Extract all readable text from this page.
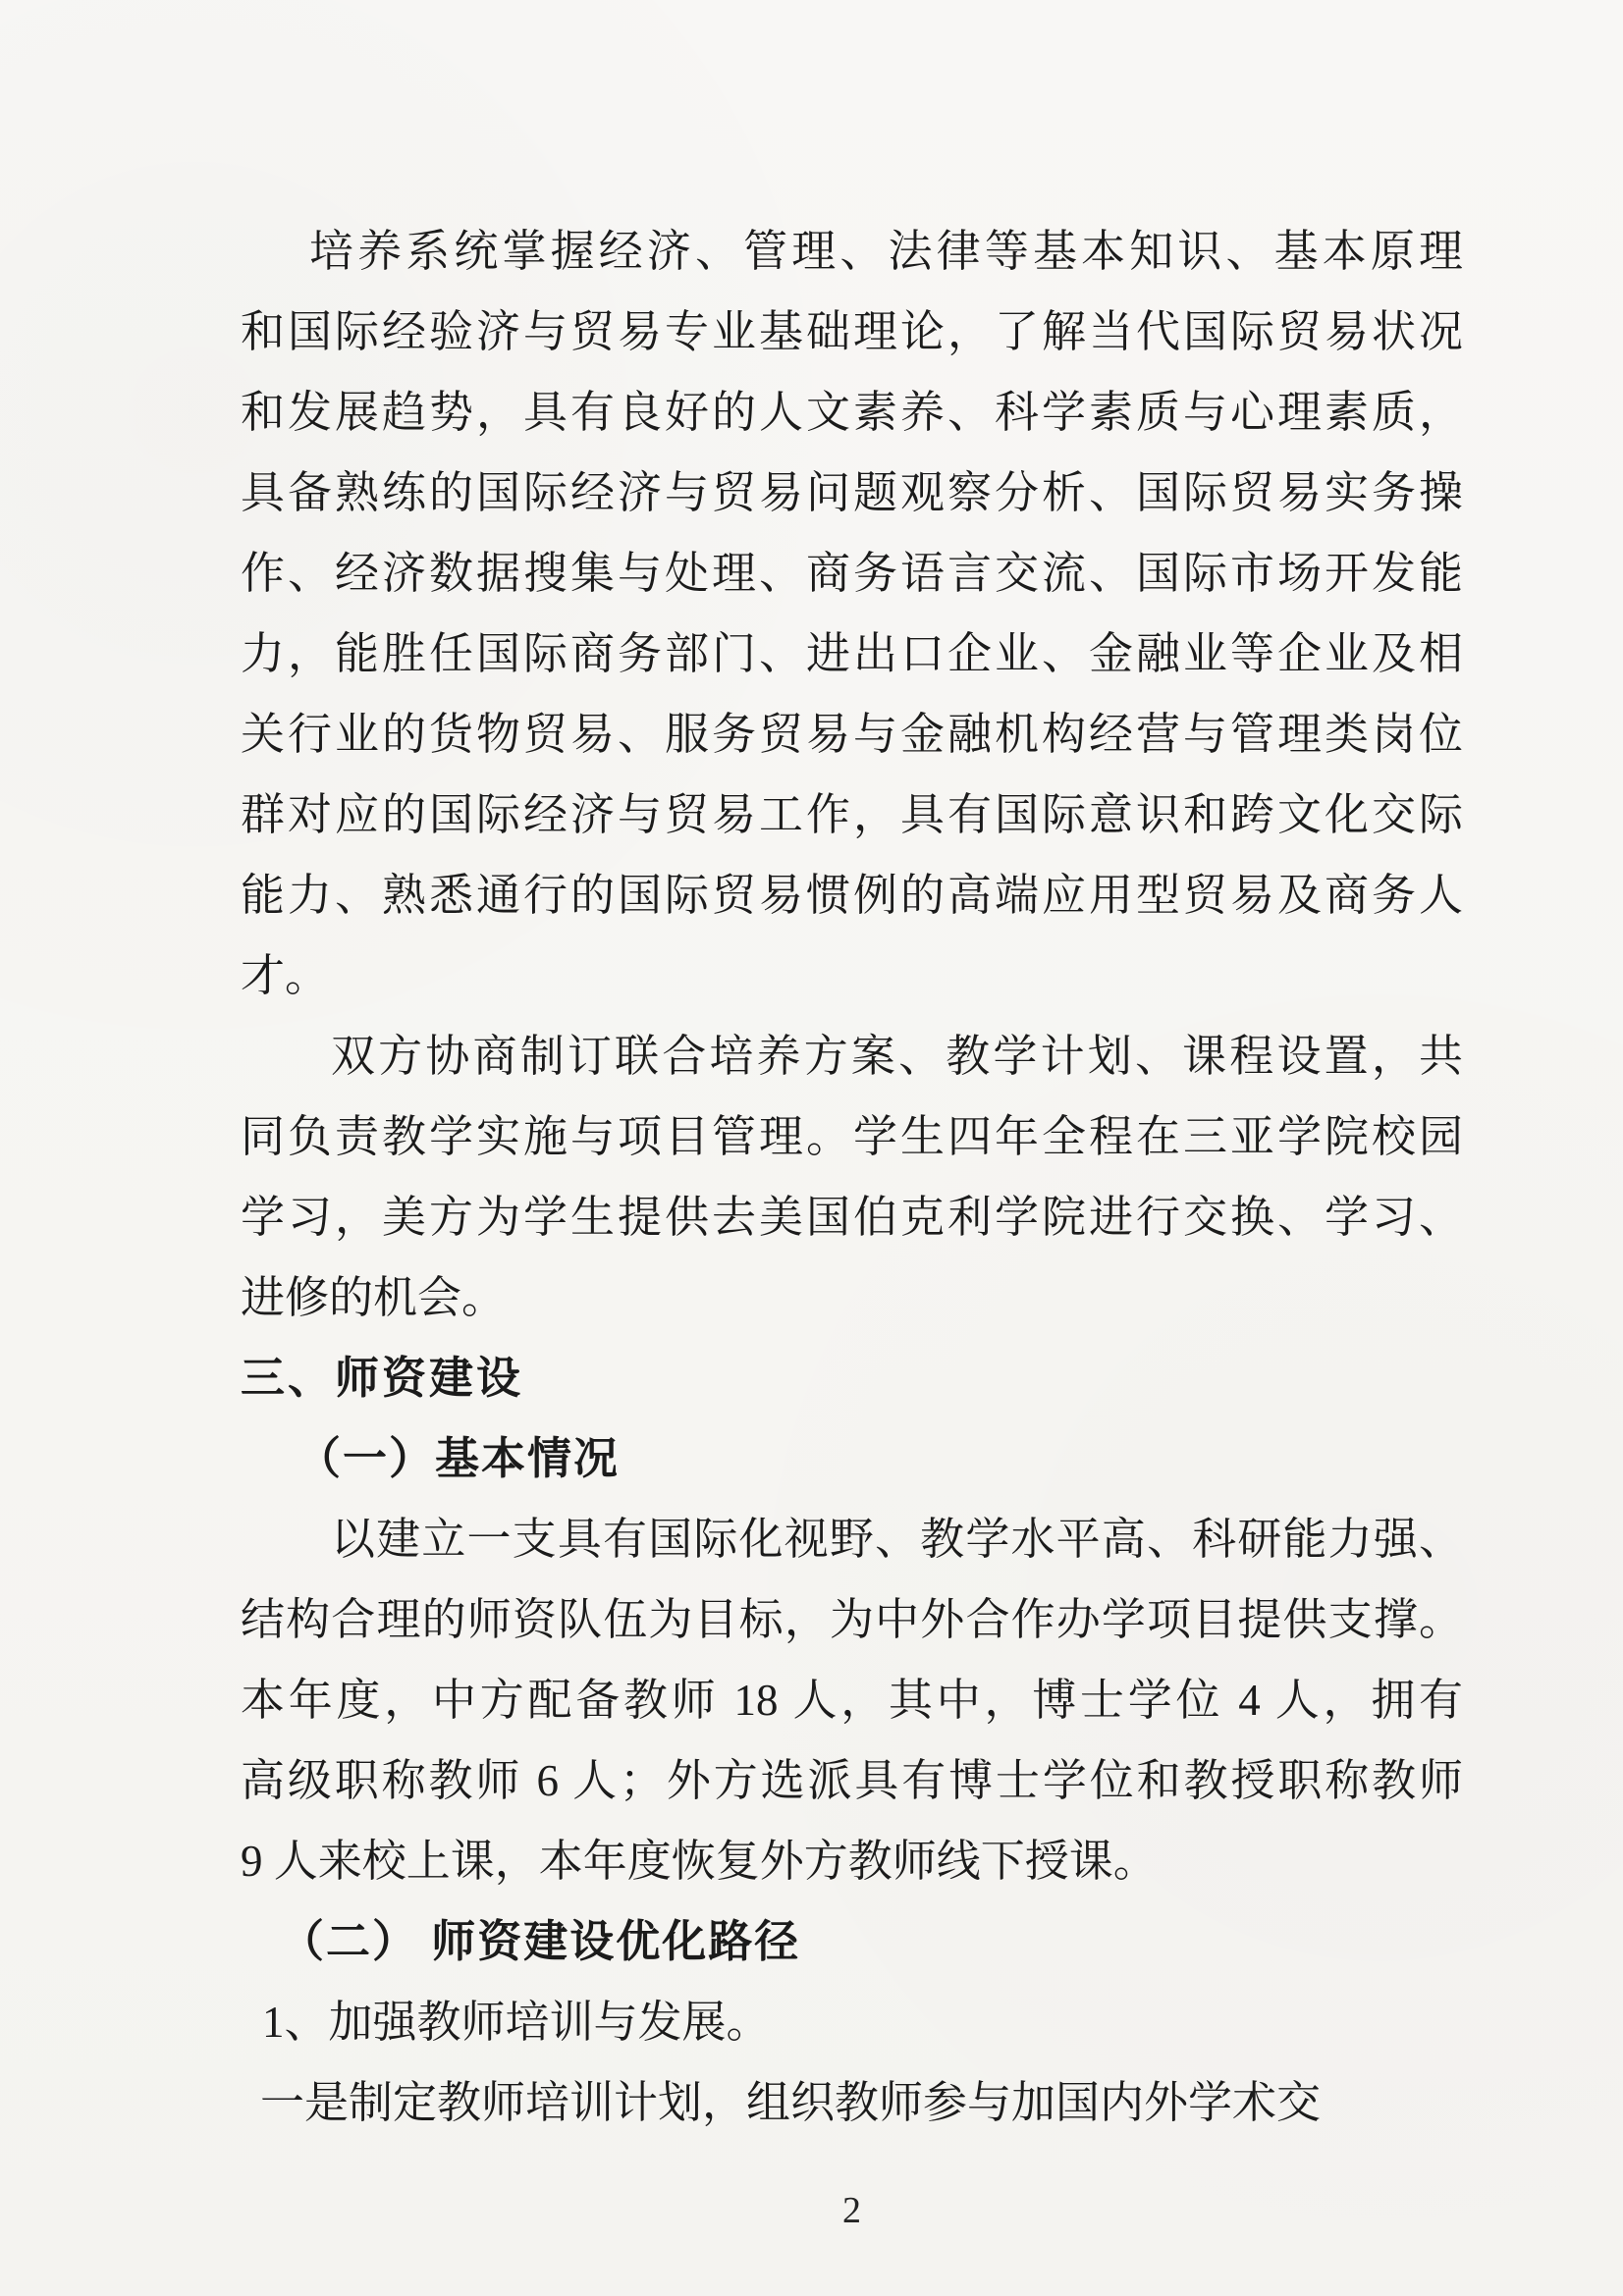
培养系统掌握经济、管理、法律等基本知识、基本原理
和国际经验济与贸易专业基础理论，了解当代国际贸易状况
和发展趋势，具有良好的人文素养、科学素质与心理素质，
具备熟练的国际经济与贸易问题观察分析、国际贸易实务操
作、经济数据搜集与处理、商务语言交流、国际市场开发能
力，能胜任国际商务部门、进出口企业、金融业等企业及相
关行业的货物贸易、服务贸易与金融机构经营与管理类岗位
群对应的国际经济与贸易工作，具有国际意识和跨文化交际
能力、熟悉通行的国际贸易惯例的高端应用型贸易及商务人
才。
双方协商制订联合培养方案、教学计划、课程设置，共
同负责教学实施与项目管理。学生四年全程在三亚学院校园
学习，美方为学生提供去美国伯克利学院进行交换、学习、
进修的机会。
三、师资建设
（一）基本情况
以建立一支具有国际化视野、教学水平高、科研能力强、
结构合理的师资队伍为目标，为中外合作办学项目提供支撑。
本年度，中方配备教师 18 人，其中，博士学位 4 人，拥有
高级职称教师 6 人；外方选派具有博士学位和教授职称教师
9 人来校上课，本年度恢复外方教师线下授课。
（二） 师资建设优化路径
1、加强教师培训与发展。
一是制定教师培训计划，组织教师参与加国内外学术交
2
